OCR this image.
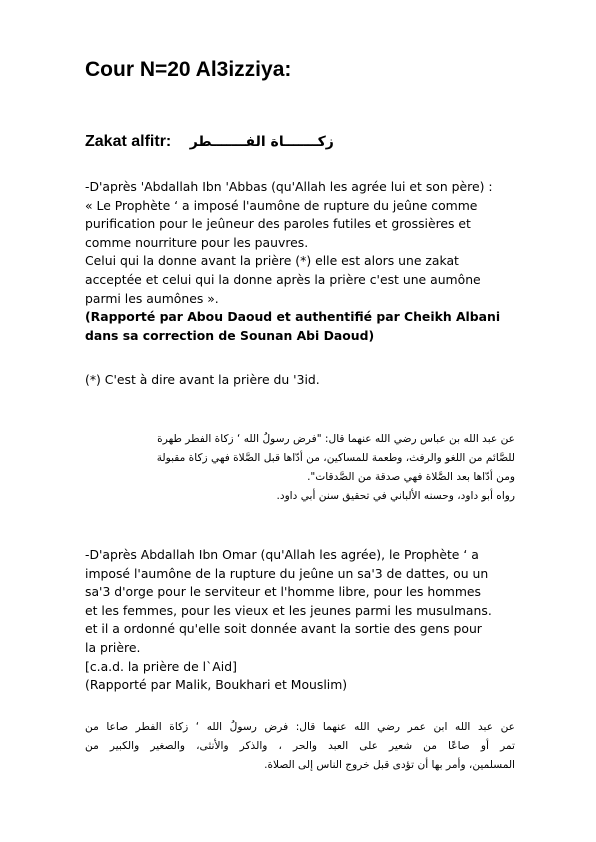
Cour N=20 Al3izziya:
Zakat alfitr: زكـــــــاة الفـــــــطر
-D'après 'Abdallah Ibn 'Abbas (qu'Allah les agrée lui et son père) :
« Le Prophète ‘ a imposé l'aumône de rupture du jeûne comme
purification pour le jeûneur des paroles futiles et grossières et
comme nourriture pour les pauvres.
Celui qui la donne avant la prière (*) elle est alors une zakat
acceptée et celui qui la donne après la prière c'est une aumône
parmi les aumônes ».
(Rapporté par Abou Daoud et authentifié par Cheikh Albani
dans sa correction de Sounan Abi Daoud)
(*) C'est à dire avant la prière du '3id.
عن عبد الله بن عباس رضي الله عنهما قال: "فرض رسولُ الله ‘ زكاة الفطر طهرة
للصَّائم من اللغو والرفث، وطعمة للمساكين، من أدّاها قبل الصَّلاة فهي زكاة مقبولة
ومن أدّاها بعد الصَّلاة فهي صدقة من الصَّدقات".
رواه أبو داود، وحسنه الألباني في تحقيق سنن أبي داود.
-D'après Abdallah Ibn Omar (qu'Allah les agrée), le Prophète ‘ a
imposé l'aumône de la rupture du jeûne un sa'3 de dattes, ou un
sa'3 d'orge pour le serviteur et l'homme libre, pour les hommes
et les femmes, pour les vieux et les jeunes parmi les musulmans.
et il a ordonné qu'elle soit donnée avant la sortie des gens pour
la prière.
[c.a.d. la prière de l`Aid]
(Rapporté par Malik, Boukhari et Mouslim)
عن عبد الله ابن عمر رضي الله عنهما قال: فرض رسولُ الله ‘ زكاة الفطر صاعا من
تمر أو صاعًا من شعير على العبد والحر ، والذكر والأنثى، والصغير والكبير من
المسلمين، وأمر بها أن تؤدى قبل خروج الناس إلى الصلاة.
